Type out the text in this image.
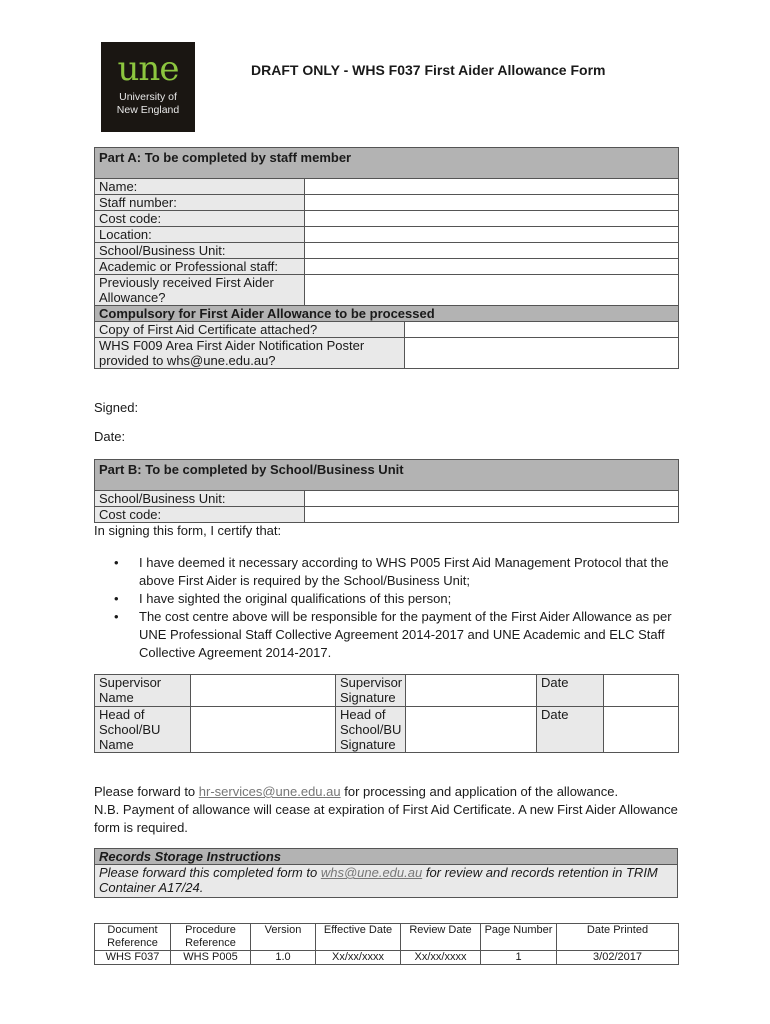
une
University of
New England
DRAFT ONLY - WHS F037 First Aider Allowance Form
Part A: To be completed by staff member		
Name:		
Staff number:		
Cost code:		
Location:		
School/Business Unit:		
Academic or Professional staff:		
Previously received First Aider Allowance?		
Compulsory for First Aider Allowance to be processed		
Copy of First Aid Certificate attached?		
WHS F009 Area First Aider Notification Poster provided to whs@une.edu.au?		
Signed:
Date:
Part B: To be completed by School/Business Unit	
School/Business Unit:	
Cost code:	
In signing this form, I certify that:
• I have deemed it necessary according to WHS P005 First Aid Management Protocol that the above First Aider is required by the School/Business Unit;
• I have sighted the original qualifications of this person;
• The cost centre above will be responsible for the payment of the First Aider Allowance as per UNE Professional Staff Collective Agreement 2014-2017 and UNE Academic and ELC Staff Collective Agreement 2014-2017.
Supervisor Name		Supervisor Signature		Date	
Head of School/BU Name		Head of School/BU Signature		Date	
Please forward to hr-services@une.edu.au for processing and application of the allowance.
N.B. Payment of allowance will cease at expiration of First Aid Certificate. A new First Aider Allowance form is required.
Records Storage Instructions
Please forward this completed form to whs@une.edu.au for review and records retention in TRIM Container A17/24.
Document Reference	Procedure Reference	Version	Effective Date	Review Date	Page Number	Date Printed
WHS F037	WHS P005	1.0	Xx/xx/xxxx	Xx/xx/xxxx	1	3/02/2017
